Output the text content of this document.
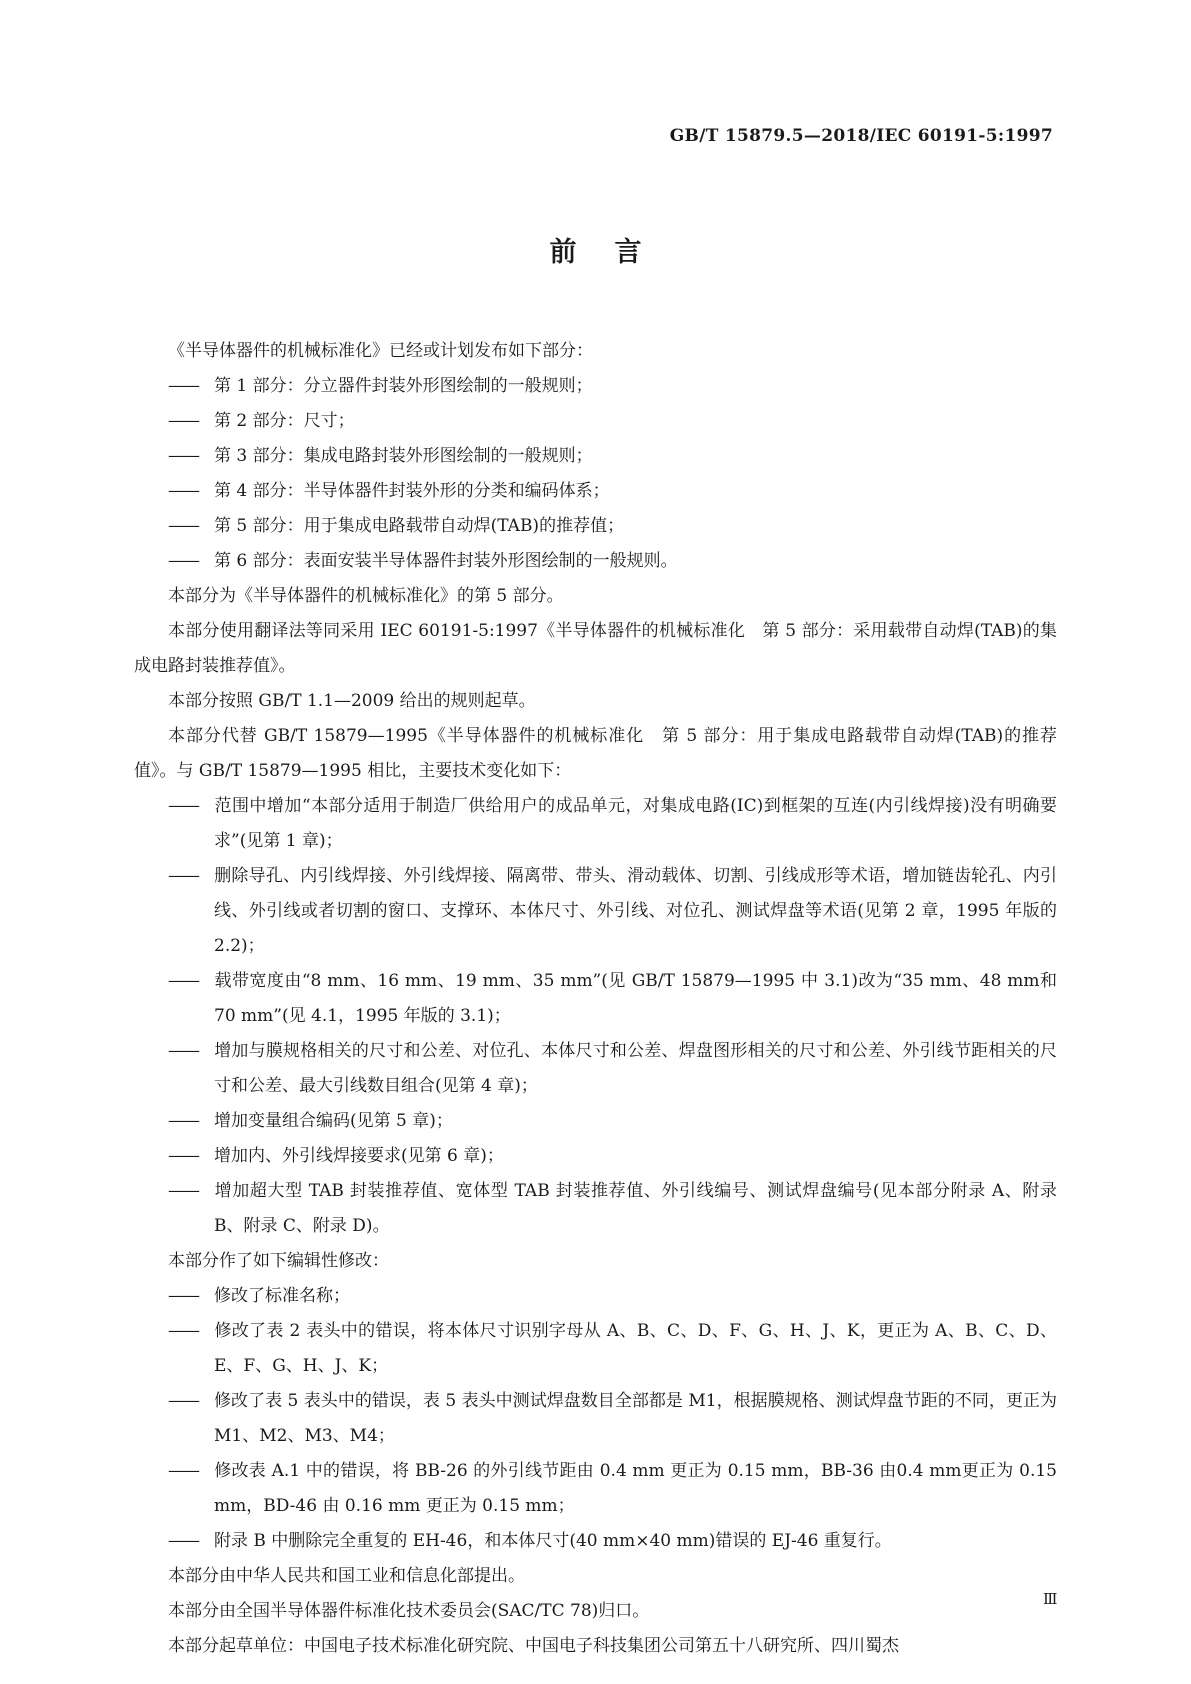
GB/T 15879.5—2018/IEC 60191-5:1997
前言

《半导体器件的机械标准化》已经或计划发布如下部分：

—— 第 1 部分：分立器件封装外形图绘制的一般规则；

—— 第 2 部分：尺寸；

—— 第 3 部分：集成电路封装外形图绘制的一般规则；

—— 第 4 部分：半导体器件封装外形的分类和编码体系；

—— 第 5 部分：用于集成电路载带自动焊(TAB)的推荐值；

—— 第 6 部分：表面安装半导体器件封装外形图绘制的一般规则。

本部分为《半导体器件的机械标准化》的第 5 部分。

本部分使用翻译法等同采用 IEC 60191-5:1997《半导体器件的机械标准化　第 5 部分：采用载带自动焊(TAB)的集成电路封装推荐值》。

本部分按照 GB/T 1.1—2009 给出的规则起草。

本部分代替 GB/T 15879—1995《半导体器件的机械标准化　第 5 部分：用于集成电路载带自动焊(TAB)的推荐值》。与 GB/T 15879—1995 相比，主要技术变化如下：

—— 范围中增加“本部分适用于制造厂供给用户的成品单元，对集成电路(IC)到框架的互连(内引线焊接)没有明确要求”(见第 1 章)；

—— 删除导孔、内引线焊接、外引线焊接、隔离带、带头、滑动载体、切割、引线成形等术语，增加链齿轮孔、内引线、外引线或者切割的窗口、支撑环、本体尺寸、外引线、对位孔、测试焊盘等术语(见第 2 章，1995 年版的 2.2)；

—— 载带宽度由“8 mm、16 mm、19 mm、35 mm”(见 GB/T 15879—1995 中 3.1)改为“35 mm、48 mm和 70 mm”(见 4.1，1995 年版的 3.1)；

—— 增加与膜规格相关的尺寸和公差、对位孔、本体尺寸和公差、焊盘图形相关的尺寸和公差、外引线节距相关的尺寸和公差、最大引线数目组合(见第 4 章)；

—— 增加变量组合编码(见第 5 章)；

—— 增加内、外引线焊接要求(见第 6 章)；

—— 增加超大型 TAB 封装推荐值、宽体型 TAB 封装推荐值、外引线编号、测试焊盘编号(见本部分附录 A、附录 B、附录 C、附录 D)。

本部分作了如下编辑性修改：

—— 修改了标准名称；

—— 修改了表 2 表头中的错误，将本体尺寸识别字母从 A、B、C、D、F、G、H、J、K，更正为 A、B、C、D、E、F、G、H、J、K；

—— 修改了表 5 表头中的错误，表 5 表头中测试焊盘数目全部都是 M1，根据膜规格、测试焊盘节距的不同，更正为 M1、M2、M3、M4；

—— 修改表 A.1 中的错误，将 BB-26 的外引线节距由 0.4 mm 更正为 0.15 mm，BB-36 由0.4 mm更正为 0.15 mm，BD-46 由 0.16 mm 更正为 0.15 mm；

—— 附录 B 中删除完全重复的 EH-46，和本体尺寸(40 mm×40 mm)错误的 EJ-46 重复行。

本部分由中华人民共和国工业和信息化部提出。

本部分由全国半导体器件标准化技术委员会(SAC/TC 78)归口。

本部分起草单位：中国电子技术标准化研究院、中国电子科技集团公司第五十八研究所、四川蜀杰

Ⅲ
